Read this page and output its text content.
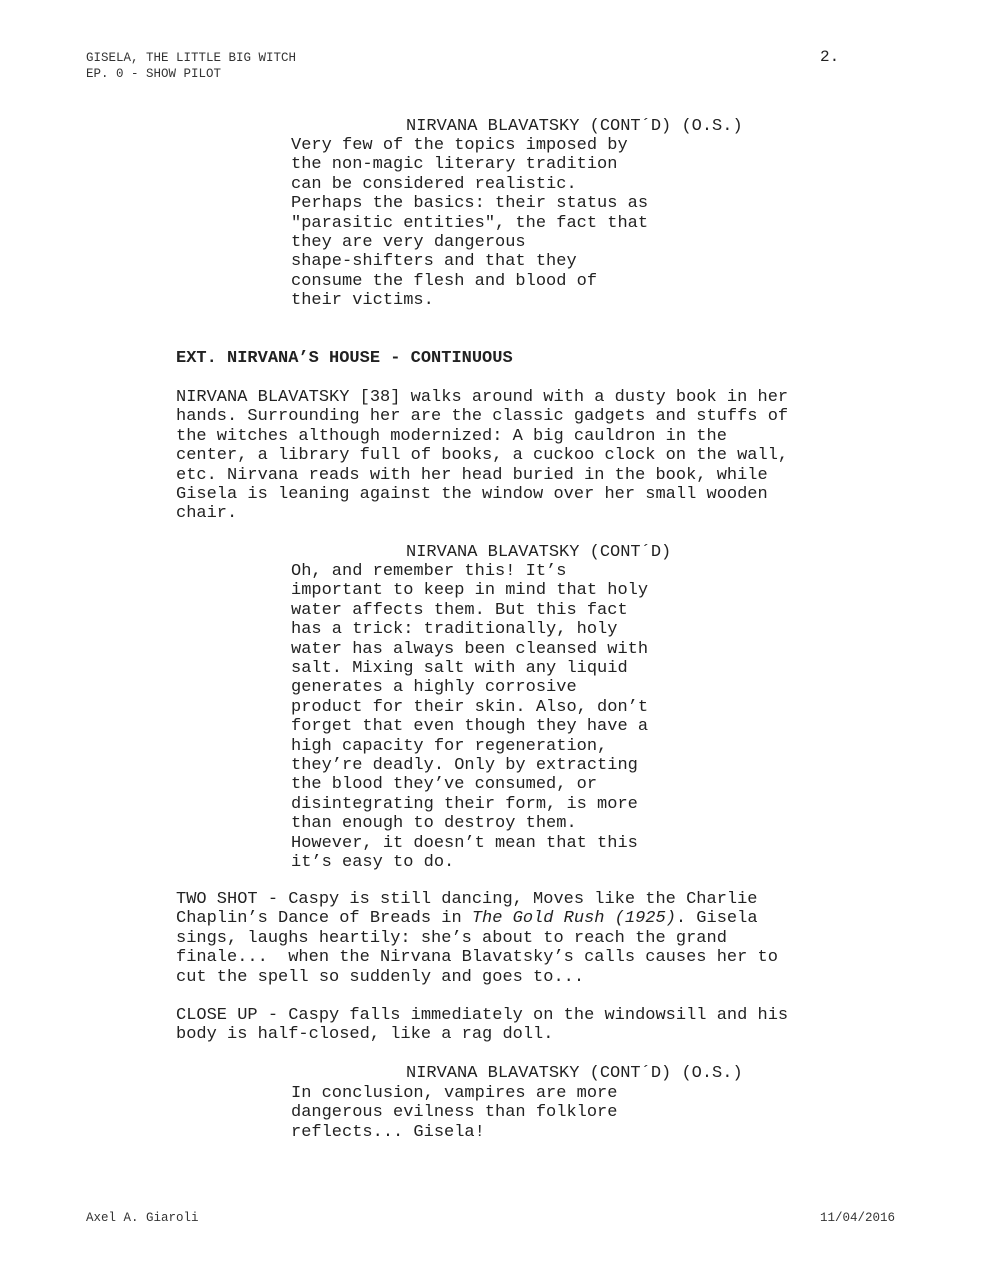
GISELA, THE LITTLE BIG WITCH
EP. 0 - SHOW PILOT
2.
NIRVANA BLAVATSKY (CONT´D) (O.S.)
Very few of the topics imposed by
the non-magic literary tradition
can be considered realistic.
Perhaps the basics: their status as
"parasitic entities", the fact that
they are very dangerous
shape-shifters and that they
consume the flesh and blood of
their victims.
EXT. NIRVANA’S HOUSE - CONTINUOUS
NIRVANA BLAVATSKY [38] walks around with a dusty book in her
hands. Surrounding her are the classic gadgets and stuffs of
the witches although modernized: A big cauldron in the
center, a library full of books, a cuckoo clock on the wall,
etc. Nirvana reads with her head buried in the book, while
Gisela is leaning against the window over her small wooden
chair.
NIRVANA BLAVATSKY (CONT´D)
Oh, and remember this! It’s
important to keep in mind that holy
water affects them. But this fact
has a trick: traditionally, holy
water has always been cleansed with
salt. Mixing salt with any liquid
generates a highly corrosive
product for their skin. Also, don’t
forget that even though they have a
high capacity for regeneration,
they’re deadly. Only by extracting
the blood they’ve consumed, or
disintegrating their form, is more
than enough to destroy them.
However, it doesn’t mean that this
it’s easy to do.
TWO SHOT - Caspy is still dancing, Moves like the Charlie
Chaplin’s Dance of Breads in The Gold Rush (1925). Gisela
sings, laughs heartily: she’s about to reach the grand
finale...  when the Nirvana Blavatsky’s calls causes her to
cut the spell so suddenly and goes to...
CLOSE UP - Caspy falls immediately on the windowsill and his
body is half-closed, like a rag doll.
NIRVANA BLAVATSKY (CONT´D) (O.S.)
In conclusion, vampires are more
dangerous evilness than folklore
reflects... Gisela!
Axel A. Giaroli	11/04/2016
